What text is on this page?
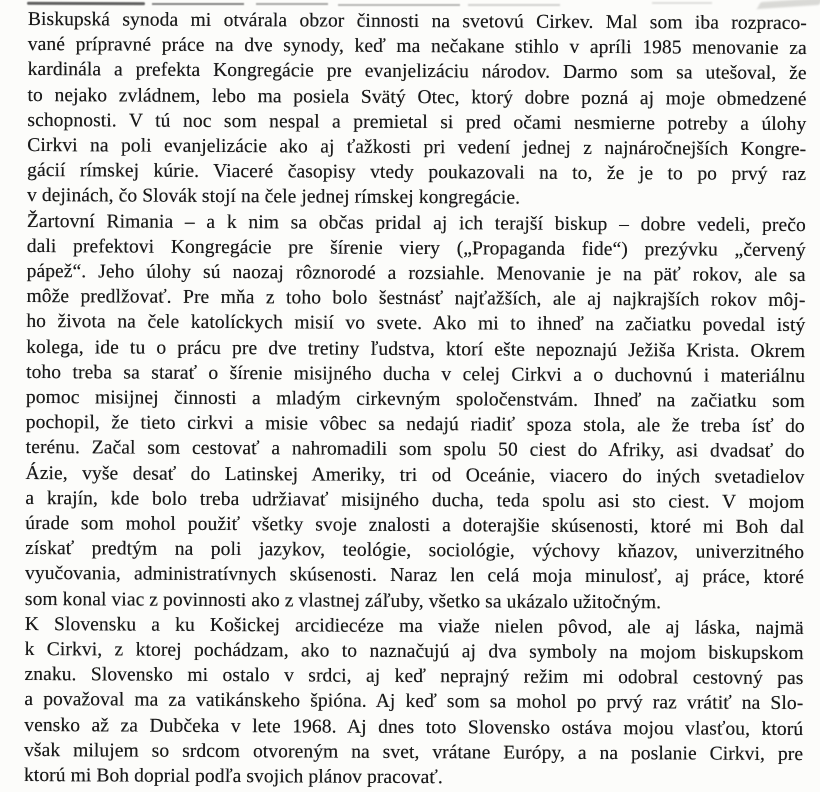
Biskupská synoda mi otvárala obzor činnosti na svetovú Cirkev. Mal som iba rozpraco-
vané prípravné práce na dve synody, keď ma nečakane stihlo v apríli 1985 menovanie za
kardinála a prefekta Kongregácie pre evanjelizáciu národov. Darmo som sa utešoval, že
to nejako zvládnem, lebo ma posiela Svätý Otec, ktorý dobre pozná aj moje obmedzené
schopnosti. V tú noc som nespal a premietal si pred očami nesmierne potreby a úlohy
Cirkvi na poli evanjelizácie ako aj ťažkosti pri vedení jednej z najnáročnejších Kongre-
gácií rímskej kúrie. Viaceré časopisy vtedy poukazovali na to, že je to po prvý raz
v dejinách, čo Slovák stojí na čele jednej rímskej kongregácie.
Žartovní Rimania – a k nim sa občas pridal aj ich terajší biskup – dobre vedeli, prečo
dali prefektovi Kongregácie pre šírenie viery („Propaganda fide“) prezývku „červený
pápež“. Jeho úlohy sú naozaj rôznorodé a rozsiahle. Menovanie je na päť rokov, ale sa
môže predlžovať. Pre mňa z toho bolo šestnásť najťažších, ale aj najkrajších rokov môj-
ho života na čele katolíckych misií vo svete. Ako mi to ihneď na začiatku povedal istý
kolega, ide tu o prácu pre dve tretiny ľudstva, ktorí ešte nepoznajú Ježiša Krista. Okrem
toho treba sa starať o šírenie misijného ducha v celej Cirkvi a o duchovnú i materiálnu
pomoc misijnej činnosti a mladým cirkevným spoločenstvám. Ihneď na začiatku som
pochopil, že tieto cirkvi a misie vôbec sa nedajú riadiť spoza stola, ale že treba ísť do
terénu. Začal som cestovať a nahromadili som spolu 50 ciest do Afriky, asi dvadsať do
Ázie, vyše desať do Latinskej Ameriky, tri od Oceánie, viacero do iných svetadielov
a krajín, kde bolo treba udržiavať misijného ducha, teda spolu asi sto ciest. V mojom
úrade som mohol použiť všetky svoje znalosti a doterajšie skúsenosti, ktoré mi Boh dal
získať predtým na poli jazykov, teológie, sociológie, výchovy kňazov, univerzitného
vyučovania, administratívnych skúsenosti. Naraz len celá moja minulosť, aj práce, ktoré
som konal viac z povinnosti ako z vlastnej záľuby, všetko sa ukázalo užitočným.
K Slovensku a ku Košickej arcidiecéze ma viaže nielen pôvod, ale aj láska, najmä
k Cirkvi, z ktorej pochádzam, ako to naznačujú aj dva symboly na mojom biskupskom
znaku. Slovensko mi ostalo v srdci, aj keď neprajný režim mi odobral cestovný pas
a považoval ma za vatikánskeho špióna. Aj keď som sa mohol po prvý raz vrátiť na Slo-
vensko až za Dubčeka v lete 1968. Aj dnes toto Slovensko ostáva mojou vlasťou, ktorú
však milujem so srdcom otvoreným na svet, vrátane Európy, a na poslanie Cirkvi, pre
ktorú mi Boh doprial podľa svojich plánov pracovať.
